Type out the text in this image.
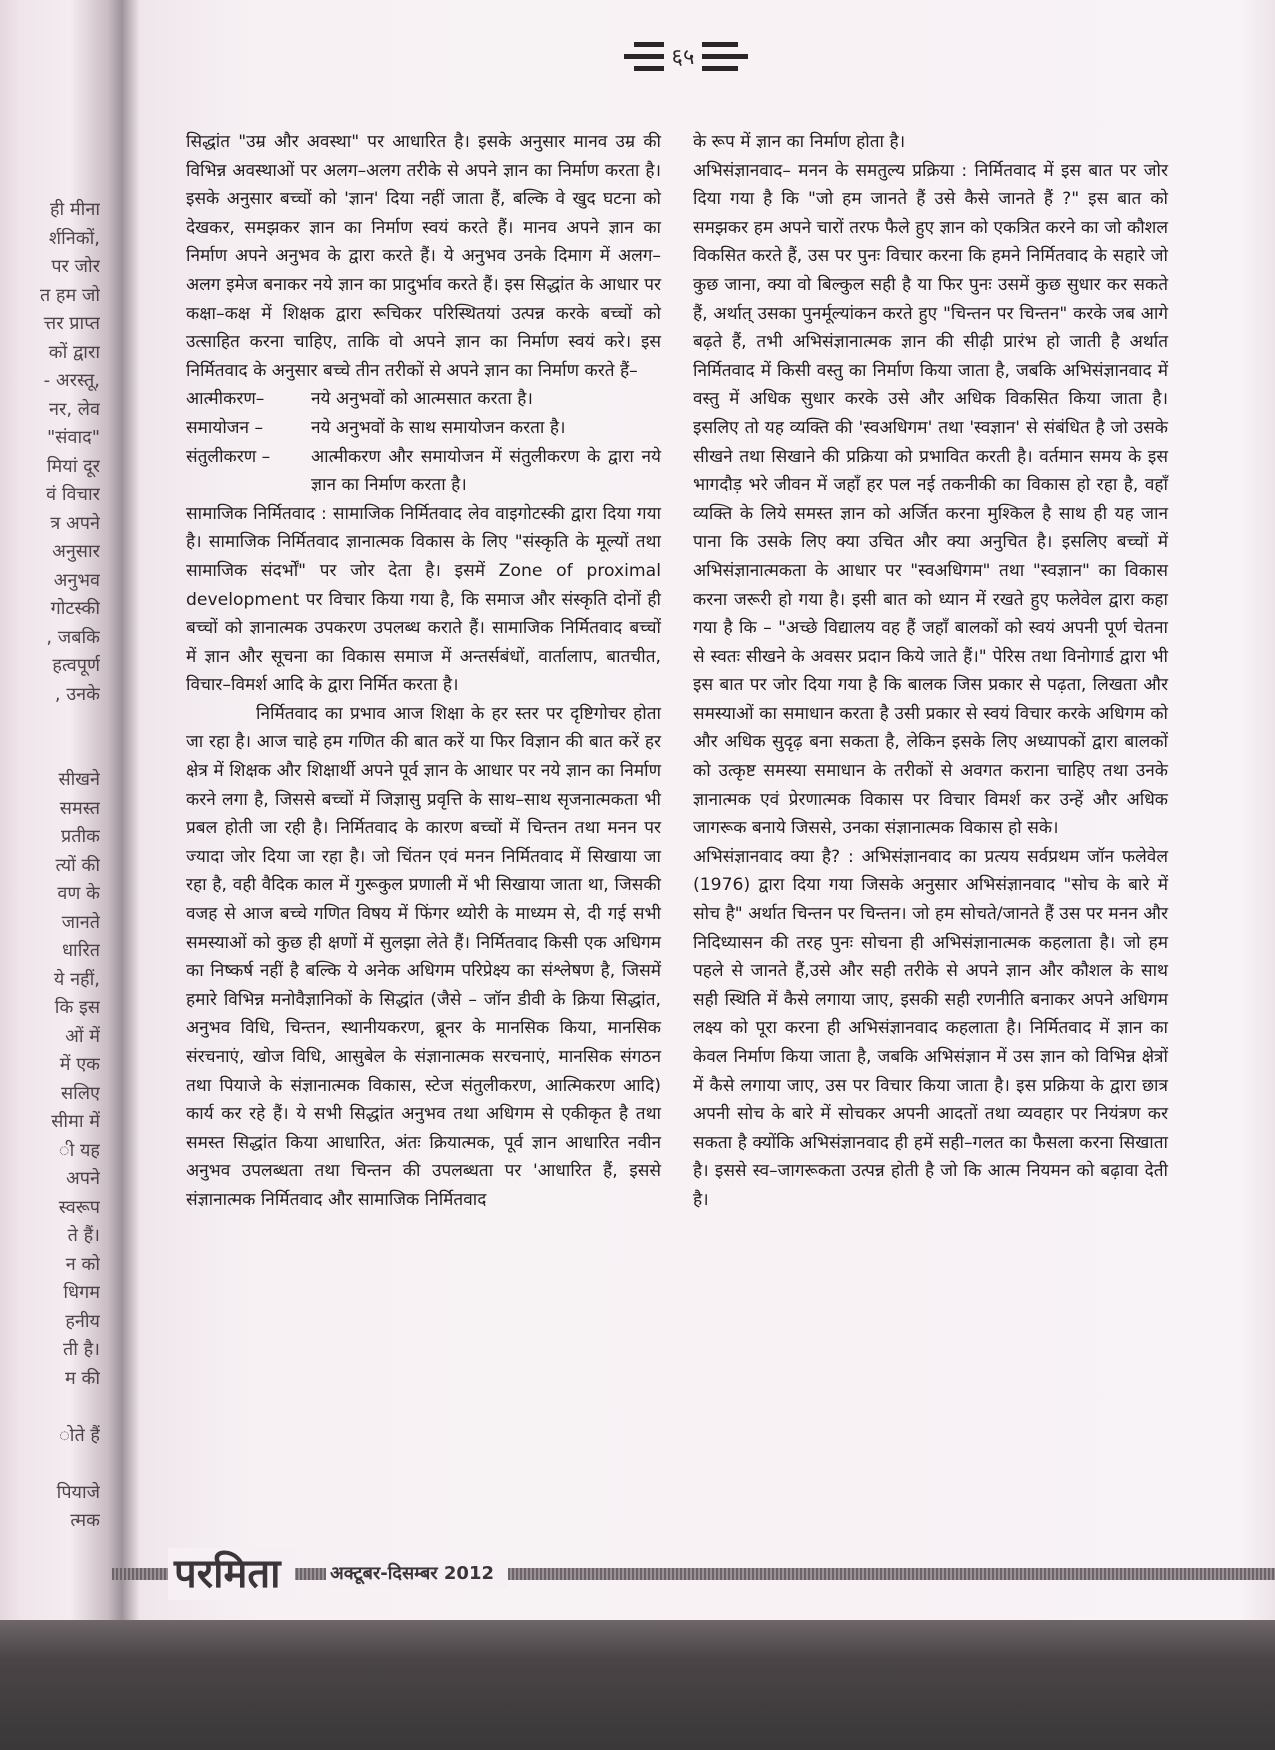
ही मीना
र्शनिकों,
पर जोर
त हम जो
त्तर प्राप्त
कों द्वारा
- अरस्तू,
नर, लेव
"संवाद"
मियां दूर
वं विचार
त्र अपने
अनुसार
अनुभव
गोटस्की
, जबकि
हत्वपूर्ण
, उनके
सीखने
समस्त
प्रतीक
त्यों की
वण के
जानते
धारित
ये नहीं,
कि इस
ओं में
में एक
सलिए
सीमा में
ी यह
अपने
स्वरूप
ते हैं।
न को
धिगम
हनीय
ती है।
म की
ोते हैं
पियाजे
त्मक
६५

सिद्धांत "उम्र और अवस्था" पर आधारित है। इसके अनुसार मानव उम्र की विभिन्न अवस्थाओं पर अलग–अलग तरीके से अपने ज्ञान का निर्माण करता है। इसके अनुसार बच्चों को 'ज्ञान' दिया नहीं जाता हैं, बल्कि वे खुद घटना को देखकर, समझकर ज्ञान का निर्माण स्वयं करते हैं। मानव अपने ज्ञान का निर्माण अपने अनुभव के द्वारा करते हैं। ये अनुभव उनके दिमाग में अलग–अलग इमेज बनाकर नये ज्ञान का प्रादुर्भाव करते हैं। इस सिद्धांत के आधार पर कक्षा–कक्ष में शिक्षक द्वारा रूचिकर परिस्थितयां उत्पन्न करके बच्चों को उत्साहित करना चाहिए, ताकि वो अपने ज्ञान का निर्माण स्वयं करे। इस निर्मितवाद के अनुसार बच्चे तीन तरीकों से अपने ज्ञान का निर्माण करते हैं–

आत्मीकरण–	नये अनुभवों को आत्मसात करता है।
समायोजन –	नये अनुभवों के साथ समायोजन करता है।
संतुलीकरण –	आत्मीकरण और समायोजन में संतुलीकरण के द्वारा नये ज्ञान का निर्माण करता है।

सामाजिक निर्मितवाद : सामाजिक निर्मितवाद लेव वाइगोटस्की द्वारा दिया गया है। सामाजिक निर्मितवाद ज्ञानात्मक विकास के लिए "संस्कृति के मूल्यों तथा सामाजिक संदर्भों" पर जोर देता है। इसमें Zone of proximal development पर विचार किया गया है, कि समाज और संस्कृति दोनों ही बच्चों को ज्ञानात्मक उपकरण उपलब्ध कराते हैं। सामाजिक निर्मितवाद बच्चों में ज्ञान और सूचना का विकास समाज में अन्तर्सबंधों, वार्तालाप, बातचीत, विचार–विमर्श आदि के द्वारा निर्मित करता है।

निर्मितवाद का प्रभाव आज शिक्षा के हर स्तर पर दृष्टिगोचर होता जा रहा है। आज चाहे हम गणित की बात करें या फिर विज्ञान की बात करें हर क्षेत्र में शिक्षक और शिक्षार्थी अपने पूर्व ज्ञान के आधार पर नये ज्ञान का निर्माण करने लगा है, जिससे बच्चों में जिज्ञासु प्रवृत्ति के साथ–साथ सृजनात्मकता भी प्रबल होती जा रही है। निर्मितवाद के कारण बच्चों में चिन्तन तथा मनन पर ज्यादा जोर दिया जा रहा है। जो चिंतन एवं मनन निर्मितवाद में सिखाया जा रहा है, वही वैदिक काल में गुरूकुल प्रणाली में भी सिखाया जाता था, जिसकी वजह से आज बच्चे गणित विषय में फिंगर थ्योरी के माध्यम से, दी गई सभी समस्याओं को कुछ ही क्षणों में सुलझा लेते हैं। निर्मितवाद किसी एक अधिगम का निष्कर्ष नहीं है बल्कि ये अनेक अधिगम परिप्रेक्ष्य का संश्लेषण है, जिसमें हमारे विभिन्न मनोवैज्ञानिकों के सिद्धांत (जैसे – जॉन डीवी के क्रिया सिद्धांत, अनुभव विधि, चिन्तन, स्थानीयकरण, ब्रूनर के मानसिक किया, मानसिक संरचनाएं, खोज विधि, आसुबेल के संज्ञानात्मक सरचनाएं, मानसिक संगठन तथा पियाजे के संज्ञानात्मक विकास, स्टेज संतुलीकरण, आत्मिकरण आदि) कार्य कर रहे हैं। ये सभी सिद्धांत अनुभव तथा अधिगम से एकीकृत है तथा समस्त सिद्धांत किया आधारित, अंतः क्रियात्मक, पूर्व ज्ञान आधारित नवीन अनुभव उपलब्धता तथा चिन्तन की उपलब्धता पर 'आधारित हैं, इससे संज्ञानात्मक निर्मितवाद और सामाजिक निर्मितवाद

के रूप में ज्ञान का निर्माण होता है।

अभिसंज्ञानवाद– मनन के समतुल्य प्रक्रिया : निर्मितवाद में इस बात पर जोर दिया गया है कि "जो हम जानते हैं उसे कैसे जानते हैं ?" इस बात को समझकर हम अपने चारों तरफ फैले हुए ज्ञान को एकत्रित करने का जो कौशल विकसित करते हैं, उस पर पुनः विचार करना कि हमने निर्मितवाद के सहारे जो कुछ जाना, क्या वो बिल्कुल सही है या फिर पुनः उसमें कुछ सुधार कर सकते हैं, अर्थात् उसका पुनर्मूल्यांकन करते हुए "चिन्तन पर चिन्तन" करके जब आगे बढ़ते हैं, तभी अभिसंज्ञानात्मक ज्ञान की सीढ़ी प्रारंभ हो जाती है अर्थात निर्मितवाद में किसी वस्तु का निर्माण किया जाता है, जबकि अभिसंज्ञानवाद में वस्तु में अधिक सुधार करके उसे और अधिक विकसित किया जाता है। इसलिए तो यह व्यक्ति की 'स्वअधिगम' तथा 'स्वज्ञान' से संबंधित है जो उसके सीखने तथा सिखाने की प्रक्रिया को प्रभावित करती है। वर्तमान समय के इस भागदौड़ भरे जीवन में जहाँ हर पल नई तकनीकी का विकास हो रहा है, वहाँ व्यक्ति के लिये समस्त ज्ञान को अर्जित करना मुश्किल है साथ ही यह जान पाना कि उसके लिए क्या उचित और क्या अनुचित है। इसलिए बच्चों में अभिसंज्ञानात्मकता के आधार पर "स्वअधिगम" तथा "स्वज्ञान" का विकास करना जरूरी हो गया है। इसी बात को ध्यान में रखते हुए फलेवेल द्वारा कहा गया है कि – "अच्छे विद्यालय वह हैं जहाँ बालकों को स्वयं अपनी पूर्ण चेतना से स्वतः सीखने के अवसर प्रदान किये जाते हैं।" पेरिस तथा विनोगार्ड द्वारा भी इस बात पर जोर दिया गया है कि बालक जिस प्रकार से पढ़ता, लिखता और समस्याओं का समाधान करता है उसी प्रकार से स्वयं विचार करके अधिगम को और अधिक सुदृढ़ बना सकता है, लेकिन इसके लिए अध्यापकों द्वारा बालकों को उत्कृष्ट समस्या समाधान के तरीकों से अवगत कराना चाहिए तथा उनके ज्ञानात्मक एवं प्रेरणात्मक विकास पर विचार विमर्श कर उन्हें और अधिक जागरूक बनाये जिससे, उनका संज्ञानात्मक विकास हो सके।

अभिसंज्ञानवाद क्या है? : अभिसंज्ञानवाद का प्रत्यय सर्वप्रथम जॉन फलेवेल (1976) द्वारा दिया गया जिसके अनुसार अभिसंज्ञानवाद "सोच के बारे में सोच है" अर्थात चिन्तन पर चिन्तन। जो हम सोचते/जानते हैं उस पर मनन और निदिध्यासन की तरह पुनः सोचना ही अभिसंज्ञानात्मक कहलाता है। जो हम पहले से जानते हैं,उसे और सही तरीके से अपने ज्ञान और कौशल के साथ सही स्थिति में कैसे लगाया जाए, इसकी सही रणनीति बनाकर अपने अधिगम लक्ष्य को पूरा करना ही अभिसंज्ञानवाद कहलाता है। निर्मितवाद में ज्ञान का केवल निर्माण किया जाता है, जबकि अभिसंज्ञान में उस ज्ञान को विभिन्न क्षेत्रों में कैसे लगाया जाए, उस पर विचार किया जाता है। इस प्रक्रिया के द्वारा छात्र अपनी सोच के बारे में सोचकर अपनी आदतों तथा व्यवहार पर नियंत्रण कर सकता है क्योंकि अभिसंज्ञानवाद ही हमें सही–गलत का फैसला करना सिखाता है। इससे स्व–जागरूकता उत्पन्न होती है जो कि आत्म नियमन को बढ़ावा देती है।

परमिता	अक्टूबर-दिसम्बर 2012
